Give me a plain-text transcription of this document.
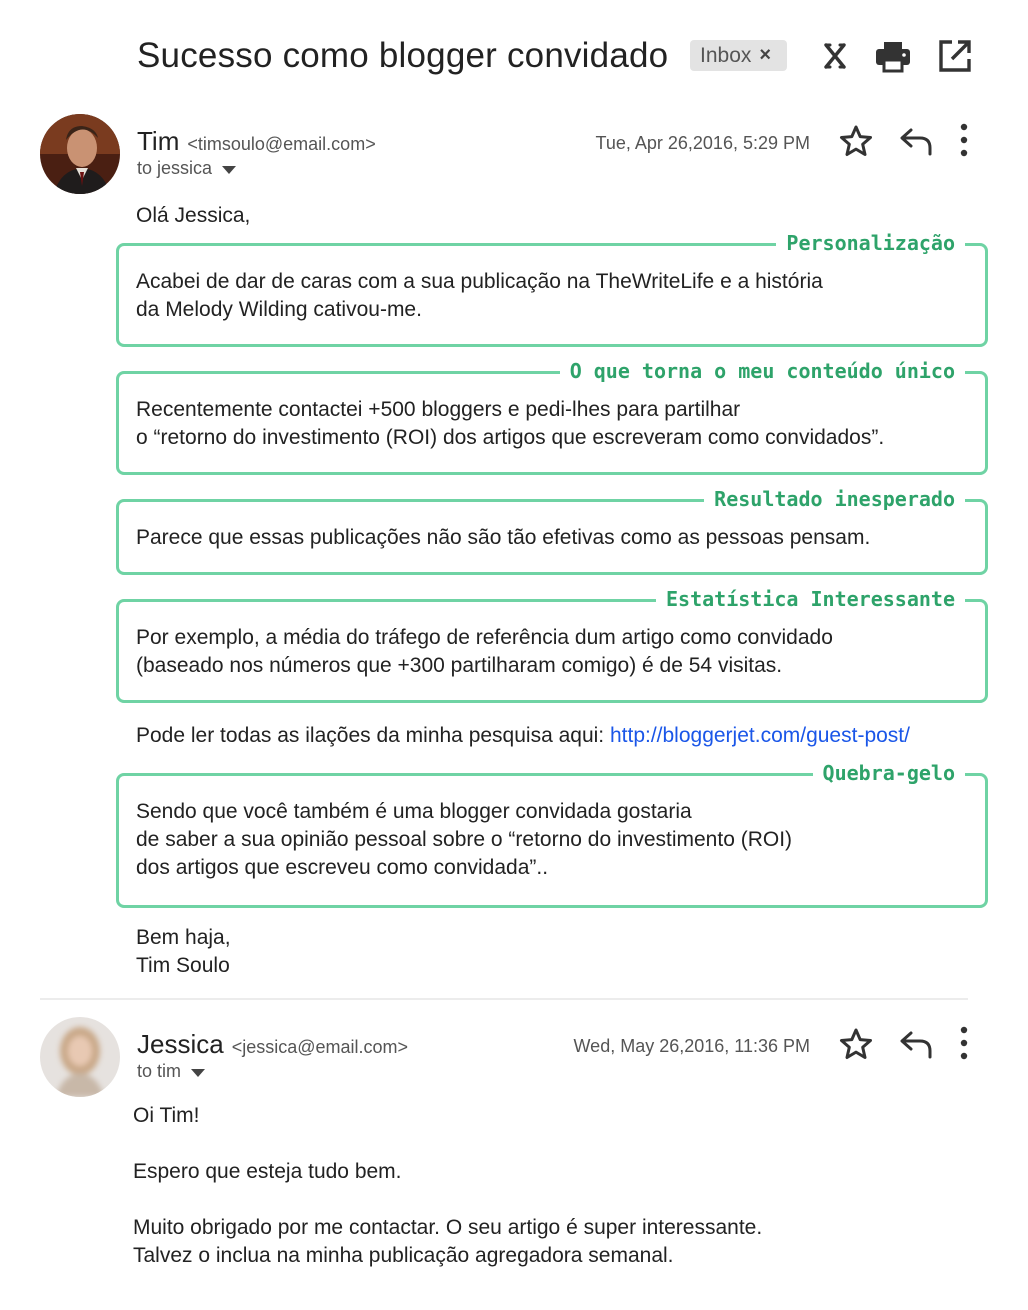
Sucesso como blogger convidado Inbox ×
Tim <timsoulo@email.com>
to jessica
Tue, Apr 26,2016, 5:29 PM
Olá Jessica,
Personalização
Acabei de dar de caras com a sua publicação na TheWriteLife e a história
da Melody Wilding cativou-me.
O que torna o meu conteúdo único
Recentemente contactei +500 bloggers e pedi-lhes para partilhar
o “retorno do investimento (ROI) dos artigos que escreveram como convidados”.
Resultado inesperado
Parece que essas publicações não são tão efetivas como as pessoas pensam.
Estatística Interessante
Por exemplo, a média do tráfego de referência dum artigo como convidado
(baseado nos números que +300 partilharam comigo) é de 54 visitas.
Pode ler todas as ilações da minha pesquisa aqui: http://bloggerjet.com/guest-post/
Quebra-gelo
Sendo que você também é uma blogger convidada gostaria
de saber a sua opinião pessoal sobre o “retorno do investimento (ROI)
dos artigos que escreveu como convidada”..
Bem haja,
Tim Soulo
Jessica <jessica@email.com>
to tim
Wed, May 26,2016, 11:36 PM
Oi Tim!
Espero que esteja tudo bem.
Muito obrigado por me contactar. O seu artigo é super interessante.
Talvez o inclua na minha publicação agregadora semanal.
